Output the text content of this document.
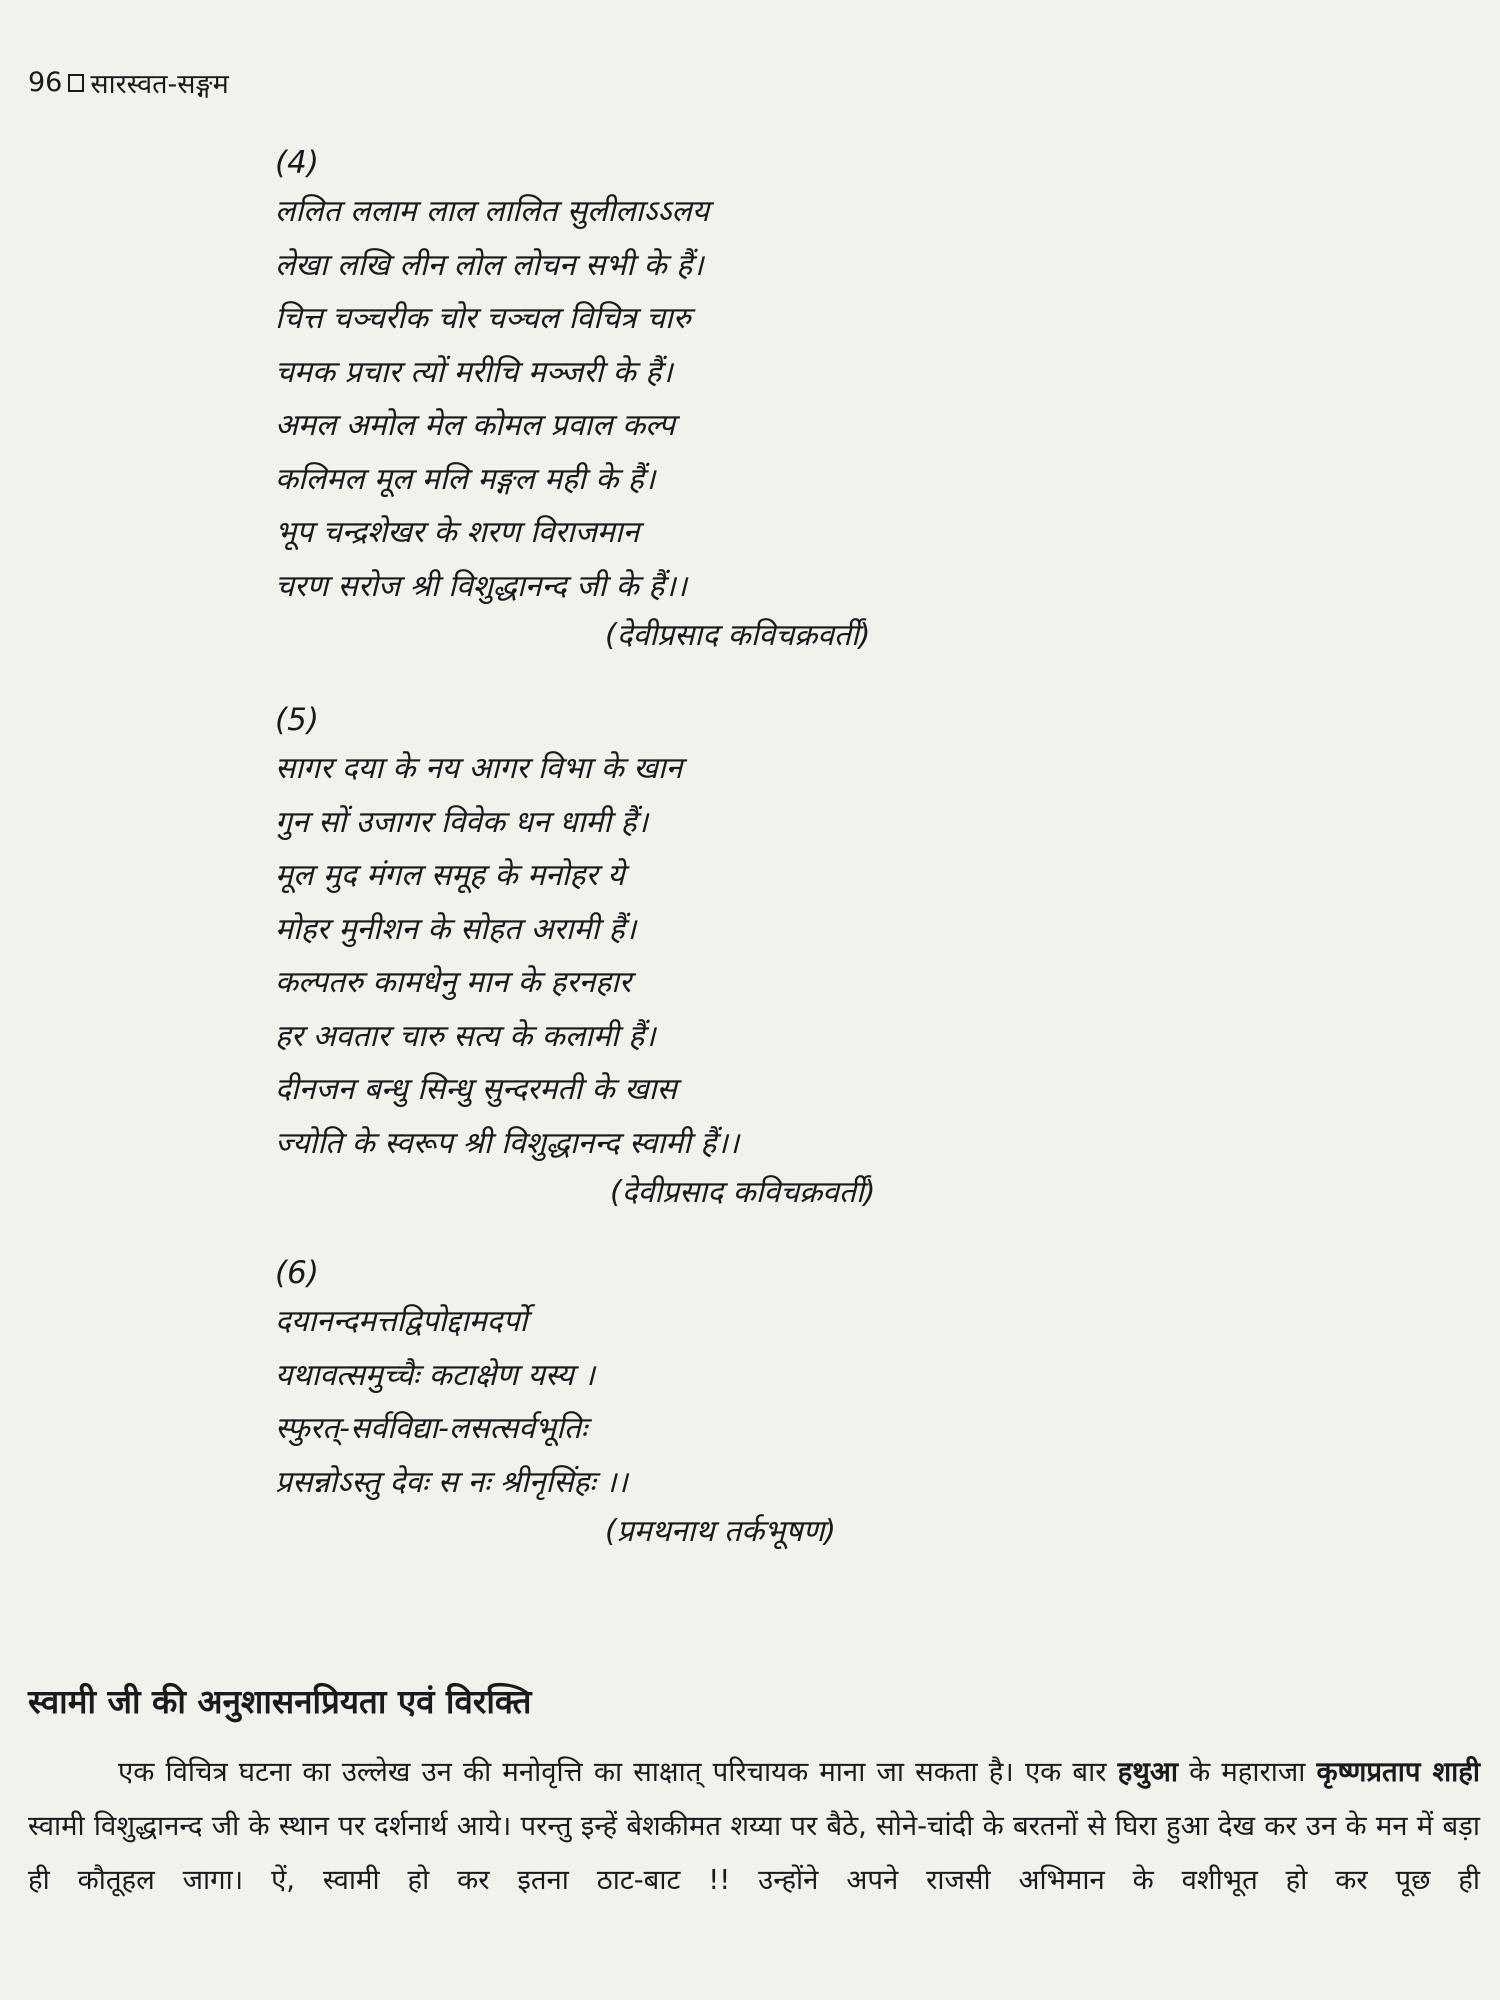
96 सारस्वत-सङ्गम
(4)
ललित ललाम लाल लालित सुलीलाऽऽलय
लेखा लखि लीन लोल लोचन सभी के हैं।
चित्त चञ्चरीक चोर चञ्चल विचित्र चारु
चमक प्रचार त्यों मरीचि मञ्जरी के हैं।
अमल अमोल मेल कोमल प्रवाल कल्प
कलिमल मूल मलि मङ्गल मही के हैं।
भूप चन्द्रशेखर के शरण विराजमान
चरण सरोज श्री विशुद्धानन्द जी के हैं।।
(देवीप्रसाद कविचक्रवर्ती)
(5)
सागर दया के नय आगर विभा के खान
गुन सों उजागर विवेक धन धामी हैं।
मूल मुद मंगल समूह के मनोहर ये
मोहर मुनीशन के सोहत अरामी हैं।
कल्पतरु कामधेनु मान के हरनहार
हर अवतार चारु सत्य के कलामी हैं।
दीनजन बन्धु सिन्धु सुन्दरमती के खास
ज्योति के स्वरूप श्री विशुद्धानन्द स्वामी हैं।।
(देवीप्रसाद कविचक्रवर्ती)
(6)
दयानन्दमत्तद्विपोद्दामदर्पो
यथावत्समुच्चैः कटाक्षेण यस्य ।
स्फुरत्-सर्वविद्या-लसत्सर्वभूतिः
प्रसन्नोऽस्तु देवः स नः श्रीनृसिंहः ।।
(प्रमथनाथ तर्कभूषण)
स्वामी जी की अनुशासनप्रियता एवं विरक्ति

एक विचित्र घटना का उल्लेख उन की मनोवृत्ति का साक्षात् परिचायक माना जा सकता है। एक बार हथुआ के महाराजा कृष्णप्रताप शाही स्वामी विशुद्धानन्द जी के स्थान पर दर्शनार्थ आये। परन्तु इन्हें बेशकीमत शय्या पर बैठे, सोने-चांदी के बरतनों से घिरा हुआ देख कर उन के मन में बड़ा ही कौतूहल जागा। ऐं, स्वामी हो कर इतना ठाट-बाट !! उन्होंने अपने राजसी अभिमान के वशीभूत हो कर पूछ ही
